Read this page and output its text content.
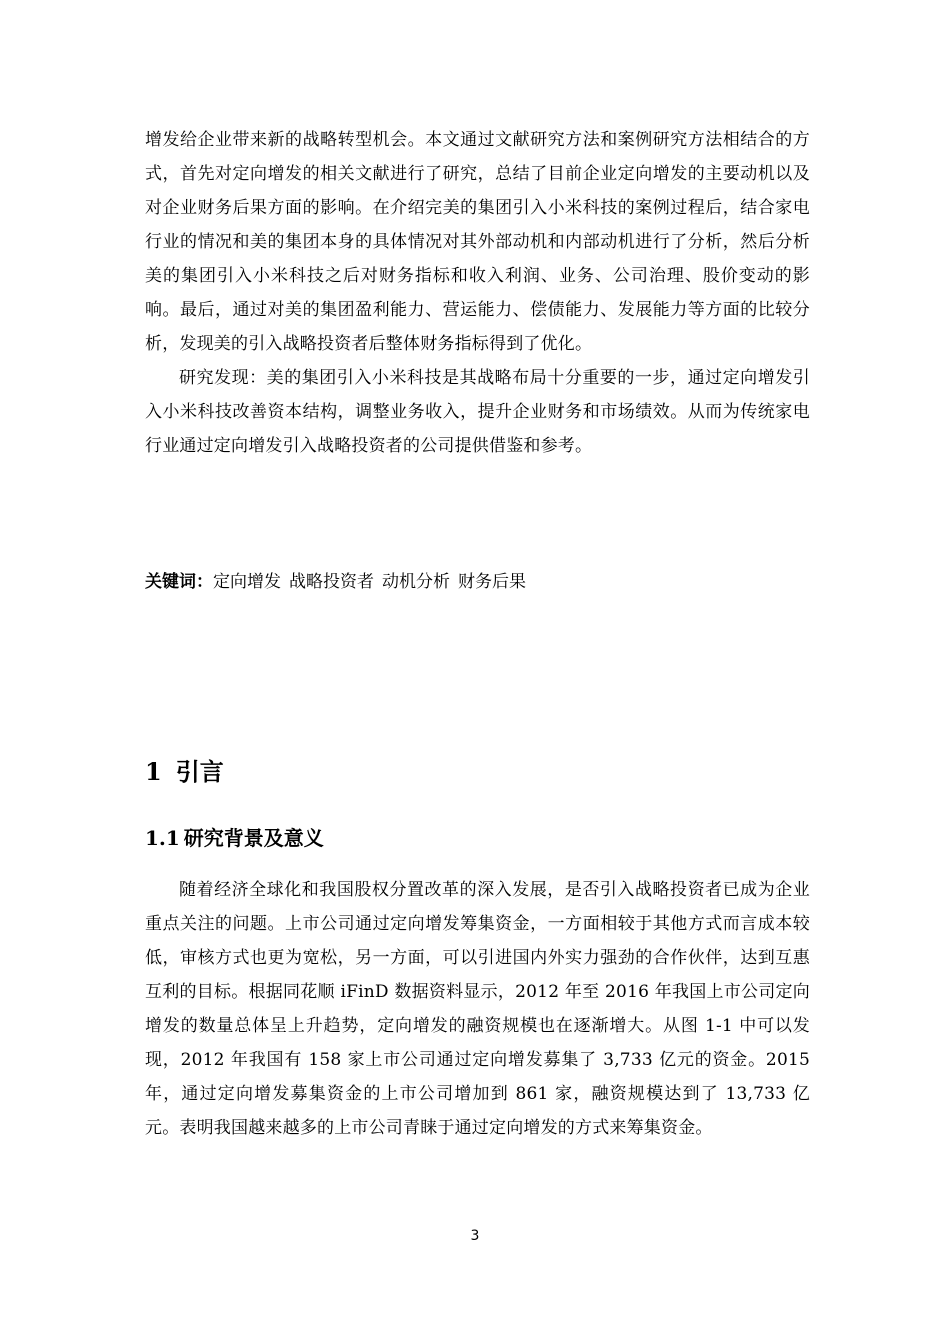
增发给企业带来新的战略转型机会。本文通过文献研究方法和案例研究方法相结合的方式，首先对定向增发的相关文献进行了研究，总结了目前企业定向增发的主要动机以及对企业财务后果方面的影响。在介绍完美的集团引入小米科技的案例过程后，结合家电行业的情况和美的集团本身的具体情况对其外部动机和内部动机进行了分析，然后分析美的集团引入小米科技之后对财务指标和收入利润、业务、公司治理、股价变动的影响。最后，通过对美的集团盈利能力、营运能力、偿债能力、发展能力等方面的比较分析，发现美的引入战略投资者后整体财务指标得到了优化。

研究发现：美的集团引入小米科技是其战略布局十分重要的一步，通过定向增发引入小米科技改善资本结构，调整业务收入，提升企业财务和市场绩效。从而为传统家电行业通过定向增发引入战略投资者的公司提供借鉴和参考。

关键词：定向增发 战略投资者 动机分析 财务后果
1 引言
1.1 研究背景及意义

随着经济全球化和我国股权分置改革的深入发展，是否引入战略投资者已成为企业重点关注的问题。上市公司通过定向增发筹集资金，一方面相较于其他方式而言成本较低，审核方式也更为宽松，另一方面，可以引进国内外实力强劲的合作伙伴，达到互惠互利的目标。根据同花顺 iFinD 数据资料显示，2012 年至 2016 年我国上市公司定向增发的数量总体呈上升趋势，定向增发的融资规模也在逐渐增大。从图 1-1 中可以发现，2012 年我国有 158 家上市公司通过定向增发募集了 3,733 亿元的资金。2015 年，通过定向增发募集资金的上市公司增加到 861 家，融资规模达到了 13,733 亿元。表明我国越来越多的上市公司青睐于通过定向增发的方式来筹集资金。

3
